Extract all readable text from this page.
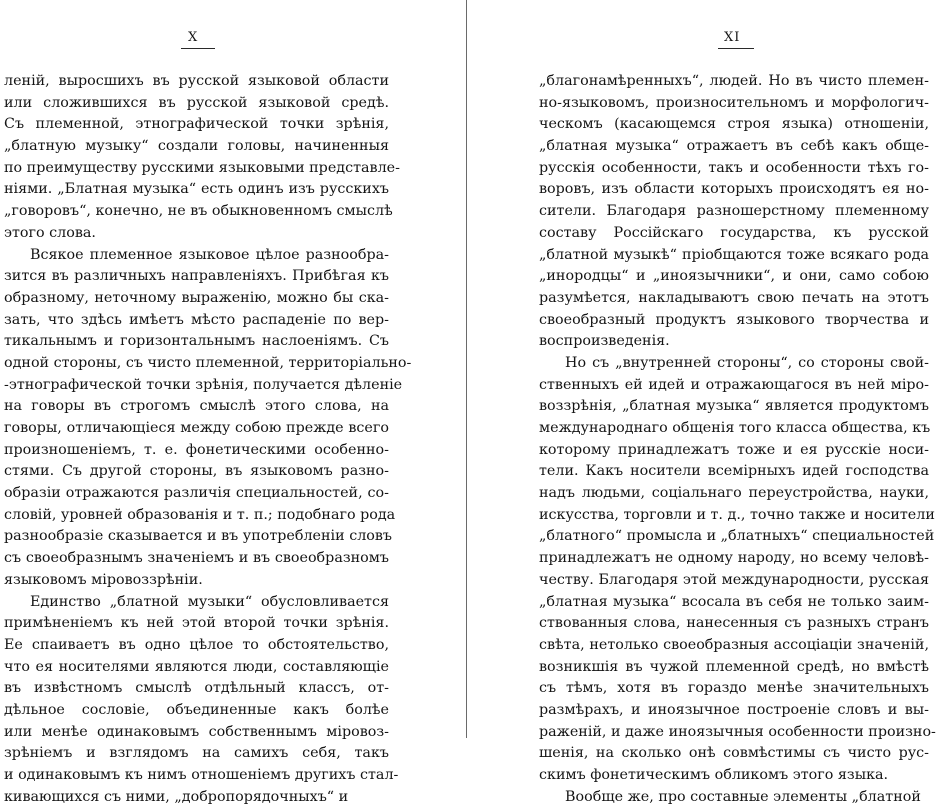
X
леній, выросшихъ въ русской языковой области
или сложившихся въ русской языковой средѣ.
Съ племенной, этнографической точки зрѣнія,
„блатную музыку“ создали головы, начиненныя
по преимуществу русскими языковыми представле-
ніями. „Блатная музыка“ есть одинъ изъ русскихъ
„говоровъ“, конечно, не въ обыкновенномъ смыслѣ
этого слова.
Всякое племенное языковое цѣлое разнообра-
зится въ различныхъ направленіяхъ. Прибѣгая къ
образному, неточному выраженію, можно бы ска-
зать, что здѣсь имѣетъ мѣсто распаденіе по вер-
тикальнымъ и горизонтальнымъ наслоеніямъ. Съ
одной стороны, съ чисто племенной, территоріально-
-этнографической точки зрѣнія, получается дѣленіе
на говоры въ строгомъ смыслѣ этого слова, на
говоры, отличающіеся между собою прежде всего
произношеніемъ, т. е. фонетическими особенно-
стями. Съ другой стороны, въ языковомъ разно-
образіи отражаются различія специальностей, со-
словій, уровней образованія и т. п.; подобнаго рода
разнообразіе сказывается и въ употребленіи словъ
съ своеобразнымъ значеніемъ и въ своеобразномъ
языковомъ міровоззрѣніи.
Единство „блатной музыки“ обусловливается
примѣненіемъ къ ней этой второй точки зрѣнія.
Ее спаиваетъ въ одно цѣлое то обстоятельство,
что ея носителями являются люди, составляющіе
въ извѣстномъ смыслѣ отдѣльный классъ, от-
дѣльное сословіе, объединенные какъ болѣе
или менѣе одинаковымъ собственнымъ міровоз-
зрѣніемъ и взглядомъ на самихъ себя, такъ
и одинаковымъ къ нимъ отношеніемъ другихъ стал-
кивающихся съ ними, „добропорядочныхъ“ и
XI
„благонамѣренныхъ“, людей. Но въ чисто племен-
но-языковомъ, произносительномъ и морфологич-
ческомъ (касающемся строя языка) отношеніи,
„блатная музыка“ отражаетъ въ себѣ какъ обще-
русскія особенности, такъ и особенности тѣхъ го-
воровъ, изъ области которыхъ происходятъ ея но-
сители. Благодаря разношерстному племенному
составу Россійскаго государства, къ русской
„блатной музыкѣ“ пріобщаются тоже всякаго рода
„инородцы“ и „иноязычники“, и они, само собою
разумѣется, накладываютъ свою печать на этотъ
своеобразный продуктъ языкового творчества и
воспроизведенія.
Но съ „внутренней стороны“, со стороны свой-
ственныхъ ей идей и отражающагося въ ней міро-
воззрѣнія, „блатная музыка“ является продуктомъ
международнаго общенія того класса общества, къ
которому принадлежатъ тоже и ея русскіе носи-
тели. Какъ носители всемірныхъ идей господства
надъ людьми, соціальнаго переустройства, науки,
искусства, торговли и т. д., точно также и носители
„блатного“ промысла и „блатныхъ“ специальностей
принадлежатъ не одному народу, но всему человѣ-
честву. Благодаря этой международности, русская
„блатная музыка“ всосала въ себя не только заим-
ствованныя слова, нанесенныя съ разныхъ странъ
свѣта, нетолько своеобразныя ассоціаціи значеній,
возникшія въ чужой племенной средѣ, но вмѣстѣ
съ тѣмъ, хотя въ гораздо менѣе значительныхъ
размѣрахъ, и иноязычное построеніе словъ и вы-
раженій, и даже иноязычныя особенности произно-
шенія, на сколько онѣ совмѣстимы съ чисто рус-
скимъ фонетическимъ обликомъ этого языка.
Вообще же, про составные элементы „блатной
